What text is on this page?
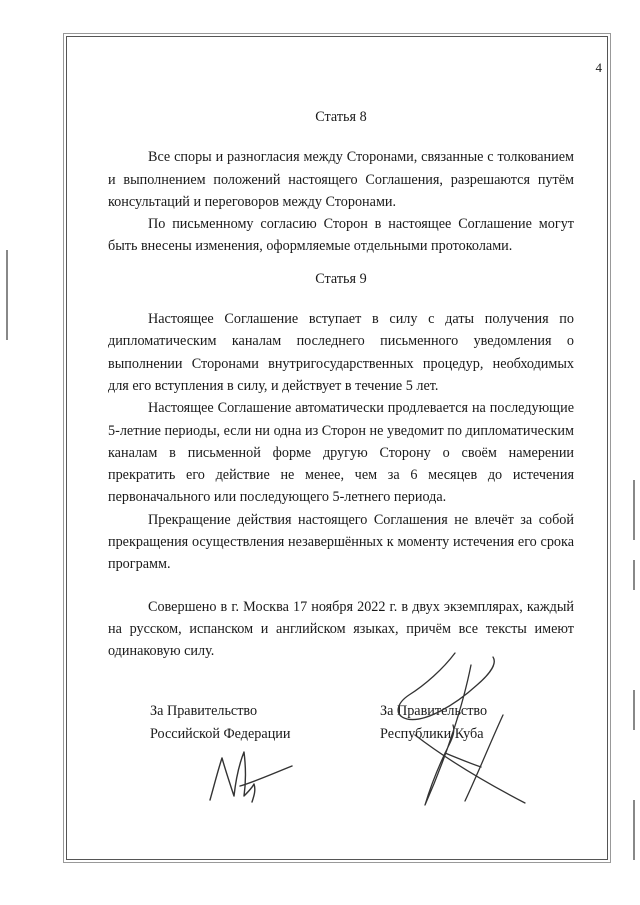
4
Статья 8

Все споры и разногласия между Сторонами, связанные с толкованием и выполнением положений настоящего Соглашения, разрешаются путём консультаций и переговоров между Сторонами.

По письменному согласию Сторон в настоящее Соглашение могут быть внесены изменения, оформляемые отдельными протоколами.

Статья 9

Настоящее Соглашение вступает в силу с даты получения по дипломатическим каналам последнего письменного уведомления о выполнении Сторонами внутригосударственных процедур, необходимых для его вступления в силу, и действует в течение 5 лет.

Настоящее Соглашение автоматически продлевается на последующие 5-летние периоды, если ни одна из Сторон не уведомит по дипломатическим каналам в письменной форме другую Сторону о своём намерении прекратить его действие не менее, чем за 6 месяцев до истечения первоначального или последующего 5-летнего периода.

Прекращение действия настоящего Соглашения не влечёт за собой прекращения осуществления незавершённых к моменту истечения его срока программ.

Совершено в г. Москва 17 ноября 2022 г. в двух экземплярах, каждый на русском, испанском и английском языках, причём все тексты имеют одинаковую силу.

За Правительство
Российской Федерации
За Правительство
Республики Куба
